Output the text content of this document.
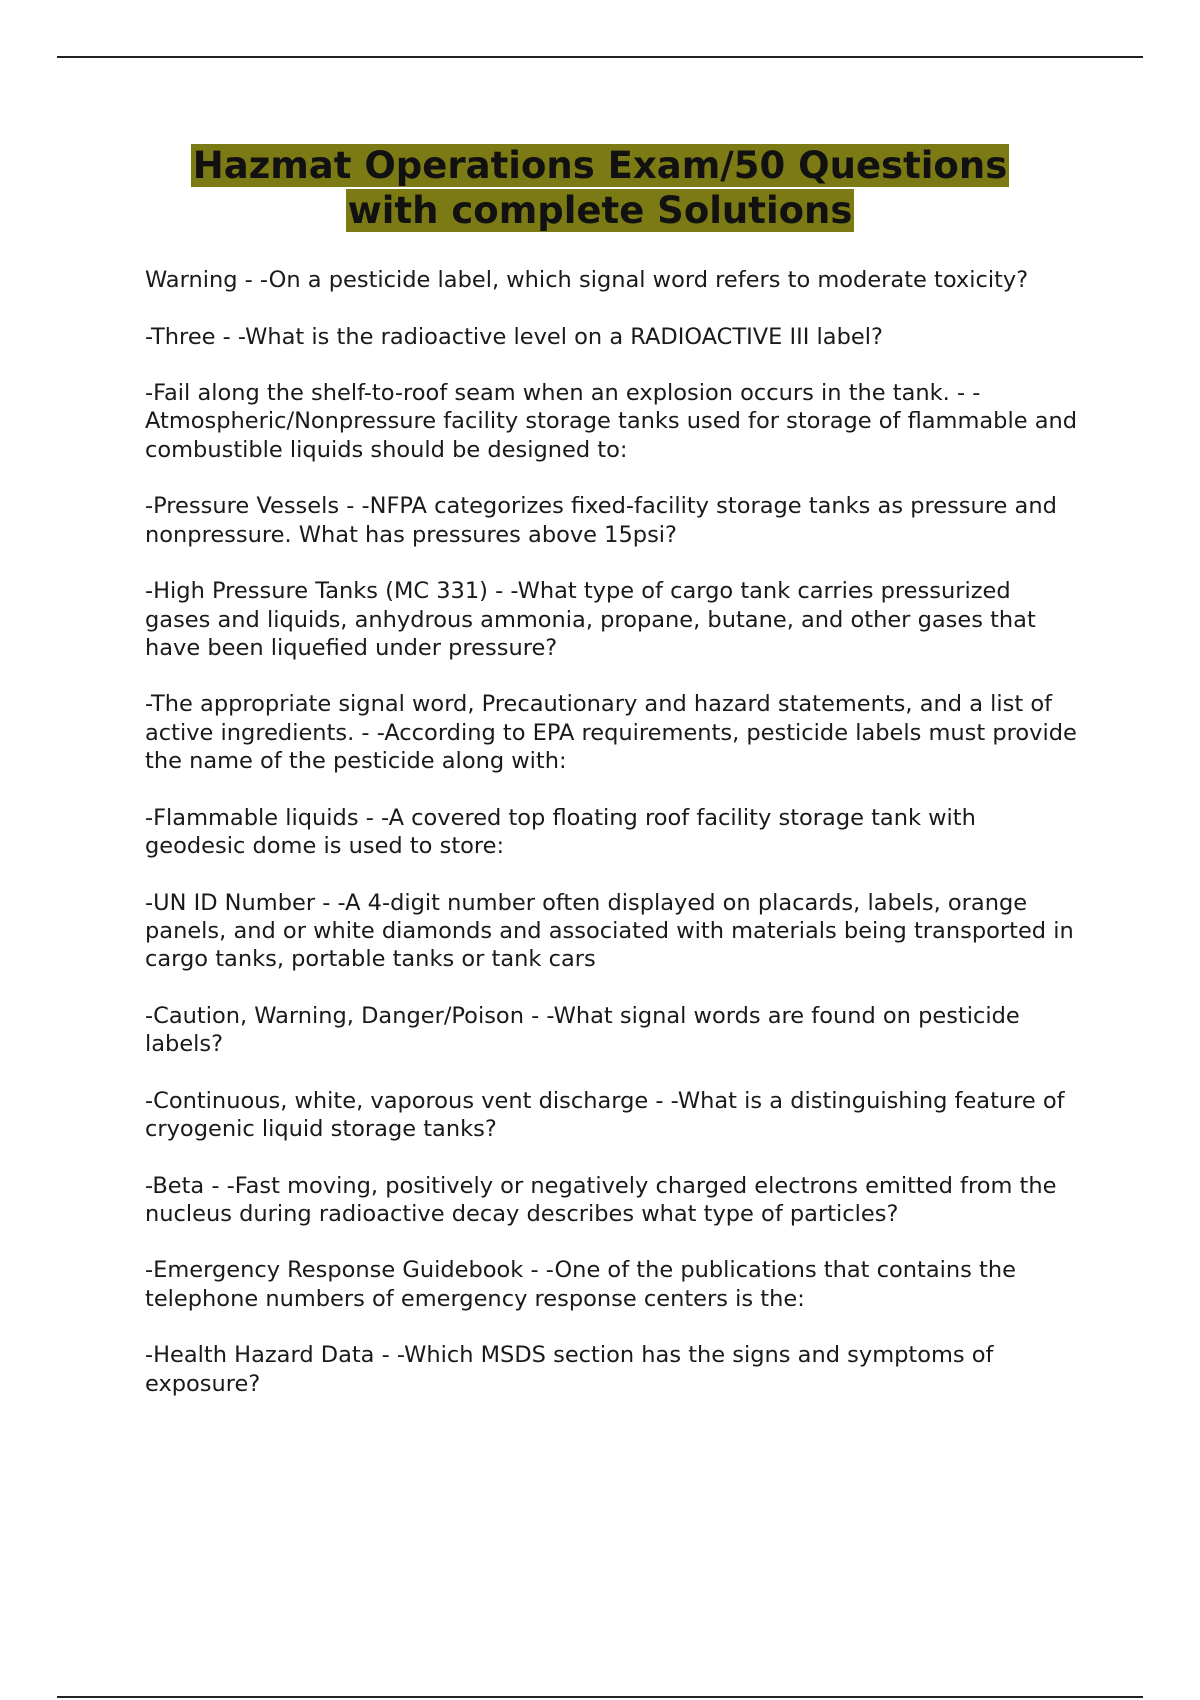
Hazmat Operations Exam/50 Questions
with complete Solutions

Warning - -On a pesticide label, which signal word refers to moderate toxicity?

-Three - -What is the radioactive level on a RADIOACTIVE III label?

-Fail along the shelf-to-roof seam when an explosion occurs in the tank. - -Atmospheric/Nonpressure facility storage tanks used for storage of flammable and combustible liquids should be designed to:

-Pressure Vessels - -NFPA categorizes fixed-facility storage tanks as pressure and nonpressure. What has pressures above 15psi?

-High Pressure Tanks (MC 331) - -What type of cargo tank carries pressurized gases and liquids, anhydrous ammonia, propane, butane, and other gases that have been liquefied under pressure?

-The appropriate signal word, Precautionary and hazard statements, and a list of active ingredients. - -According to EPA requirements, pesticide labels must provide the name of the pesticide along with:

-Flammable liquids - -A covered top floating roof facility storage tank with geodesic dome is used to store:

-UN ID Number - -A 4-digit number often displayed on placards, labels, orange panels, and or white diamonds and associated with materials being transported in cargo tanks, portable tanks or tank cars

-Caution, Warning, Danger/Poison - -What signal words are found on pesticide labels?

-Continuous, white, vaporous vent discharge - -What is a distinguishing feature of cryogenic liquid storage tanks?

-Beta - -Fast moving, positively or negatively charged electrons emitted from the nucleus during radioactive decay describes what type of particles?

-Emergency Response Guidebook - -One of the publications that contains the telephone numbers of emergency response centers is the:

-Health Hazard Data - -Which MSDS section has the signs and symptoms of exposure?
